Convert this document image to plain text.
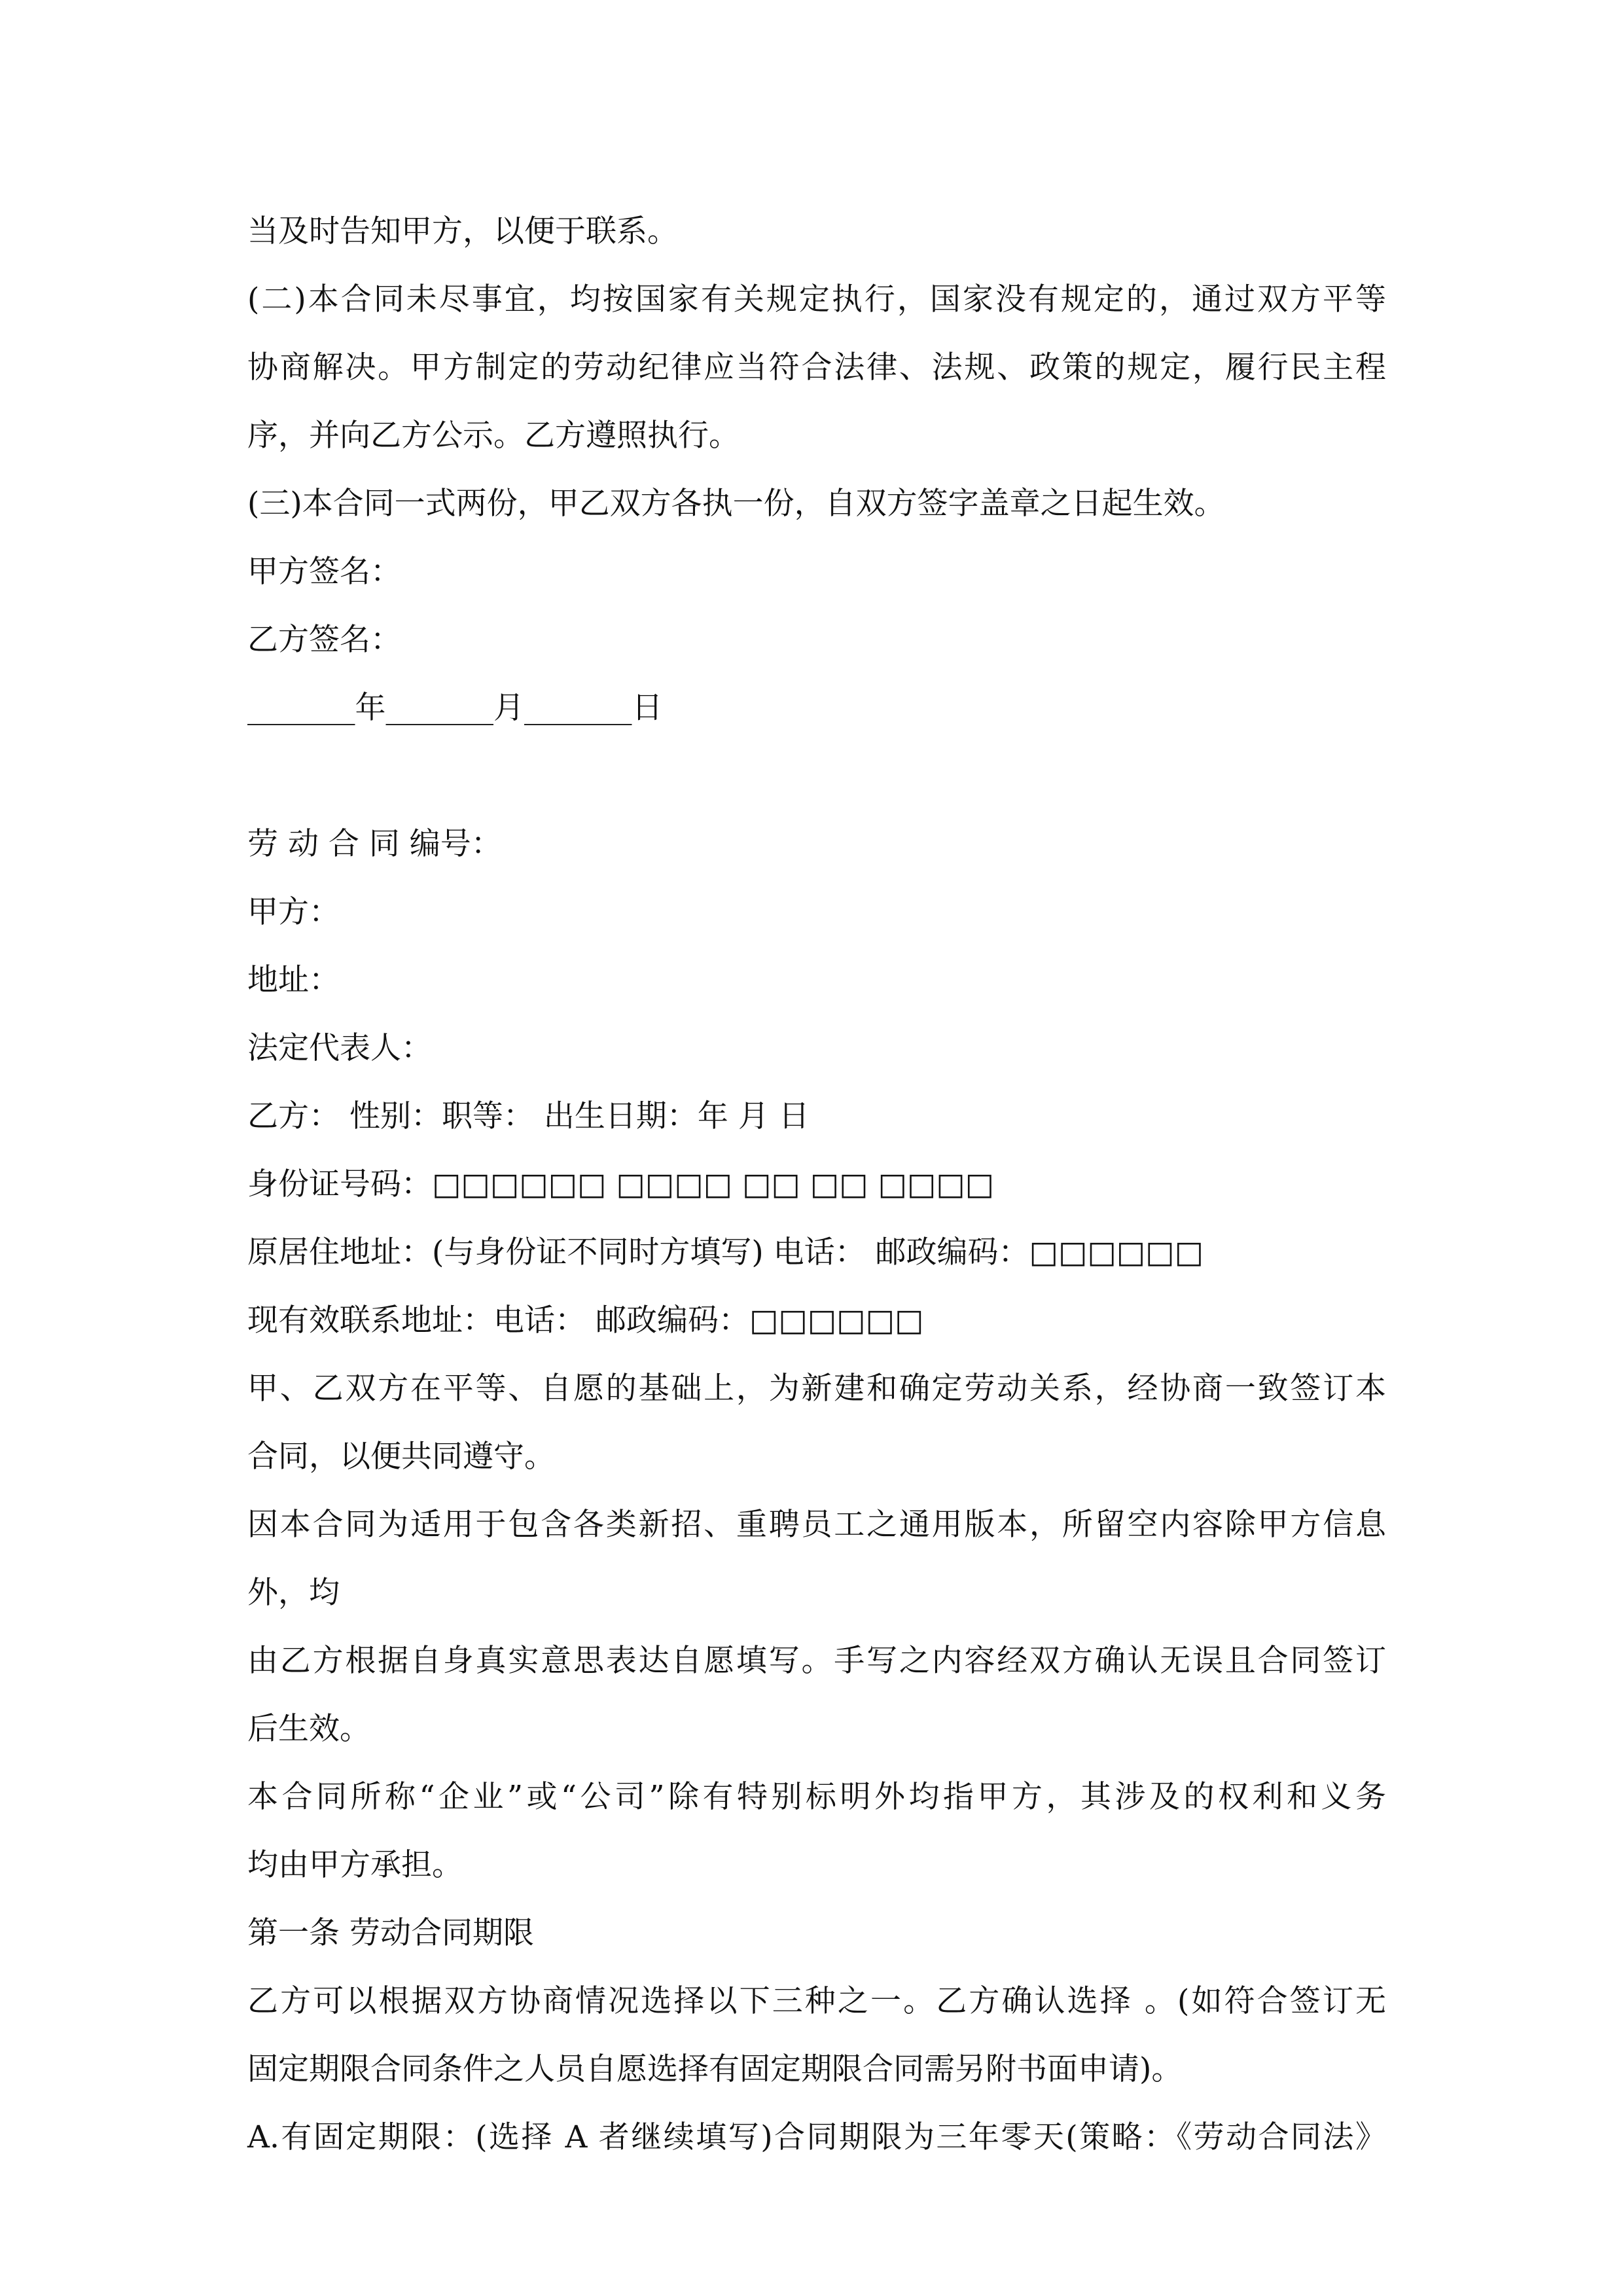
当及时告知甲方，以便于联系。
(二)本合同未尽事宜，均按国家有关规定执行，国家没有规定的，通过双方平等
协商解决。甲方制定的劳动纪律应当符合法律、法规、政策的规定，履行民主程
序，并向乙方公示。乙方遵照执行。
(三)本合同一式两份，甲乙双方各执一份，自双方签字盖章之日起生效。
甲方签名：
乙方签名：
_______年_______月_______日
劳 动 合 同 编号：
甲方：
地址：
法定代表人：
乙方： 性别：职等： 出生日期：年 月 日
身份证号码：□□□□□□ □□□□ □□ □□ □□□□
原居住地址：(与身份证不同时方填写) 电话： 邮政编码：□□□□□□
现有效联系地址：电话： 邮政编码：□□□□□□
甲、乙双方在平等、自愿的基础上，为新建和确定劳动关系，经协商一致签订本
合同，以便共同遵守。
因本合同为适用于包含各类新招、重聘员工之通用版本，所留空内容除甲方信息
外，均
由乙方根据自身真实意思表达自愿填写。手写之内容经双方确认无误且合同签订
后生效。
本合同所称“企业”或“公司”除有特别标明外均指甲方，其涉及的权利和义务
均由甲方承担。
第一条 劳动合同期限
乙方可以根据双方协商情况选择以下三种之一。乙方确认选择 。(如符合签订无
固定期限合同条件之人员自愿选择有固定期限合同需另附书面申请)。
A.有固定期限：(选择 A 者继续填写)合同期限为三年零天(策略：《劳动合同法》
